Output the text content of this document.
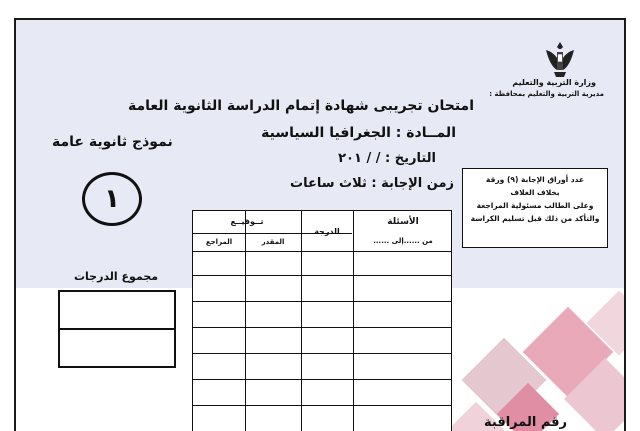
وزارة التربية والتعليم
مديرية التربية والتعليم بمحافظة :
امتحان تجريبى شهادة إتمام الدراسة الثانوية العامة
المــادة : الجغرافيا السياسية
التاريخ : / / ٢٠١
زمن الإجابة : ثلاث ساعات
نموذج ثانوية عامة
١
مجموع الدرجات
عدد أوراق الإجابة (٩) ورقة
بخلاف الغلاف
وعلى الطالب مسئولية المراجعة
والتأكد من ذلك قبل تسليم الكراسة
الأسئلة
من ......إلى ......
الدرجة
تــوقيــع
المقدر
المراجع
رقم المراقبة
